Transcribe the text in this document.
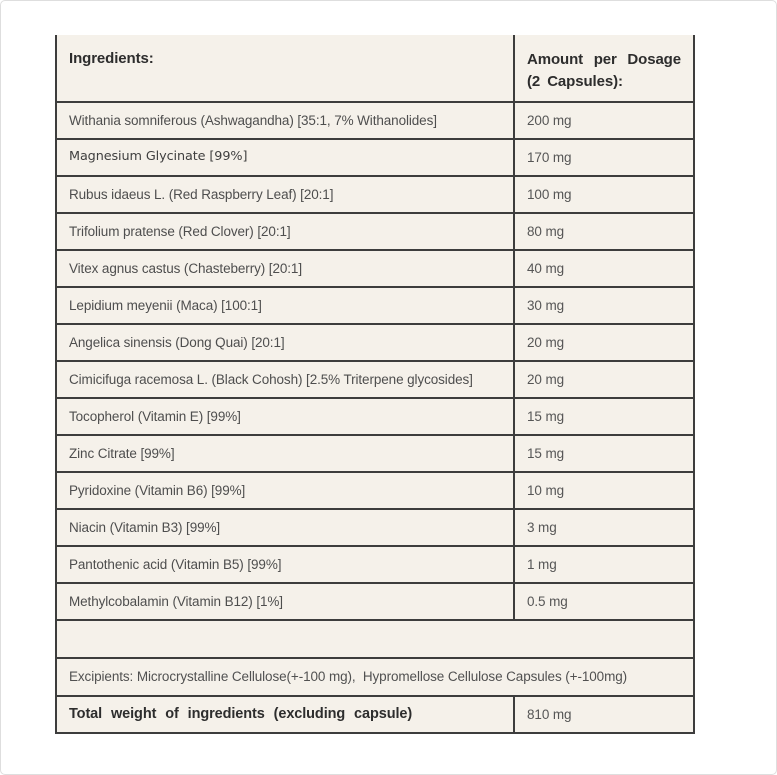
Ingredients:	Amount per Dosage (2 Capsules):
Withania somniferous (Ashwagandha) [35:1, 7% Withanolides]	200 mg
Magnesium Glycinate [99%]	170 mg
Rubus idaeus L. (Red Raspberry Leaf) [20:1]	100 mg
Trifolium pratense (Red Clover) [20:1]	80 mg
Vitex agnus castus (Chasteberry) [20:1]	40 mg
Lepidium meyenii (Maca) [100:1]	30 mg
Angelica sinensis (Dong Quai) [20:1]	20 mg
Cimicifuga racemosa L. (Black Cohosh) [2.5% Triterpene glycosides]	20 mg
Tocopherol (Vitamin E) [99%]	15 mg
Zinc Citrate [99%]	15 mg
Pyridoxine (Vitamin B6) [99%]	10 mg
Niacin (Vitamin B3) [99%]	3 mg
Pantothenic acid (Vitamin B5) [99%]	1 mg
Methylcobalamin (Vitamin B12) [1%]	0.5 mg
Excipients: Microcrystalline Cellulose(+-100 mg),  Hypromellose Cellulose Capsules (+-100mg)
Total weight of ingredients (excluding capsule)	810 mg
